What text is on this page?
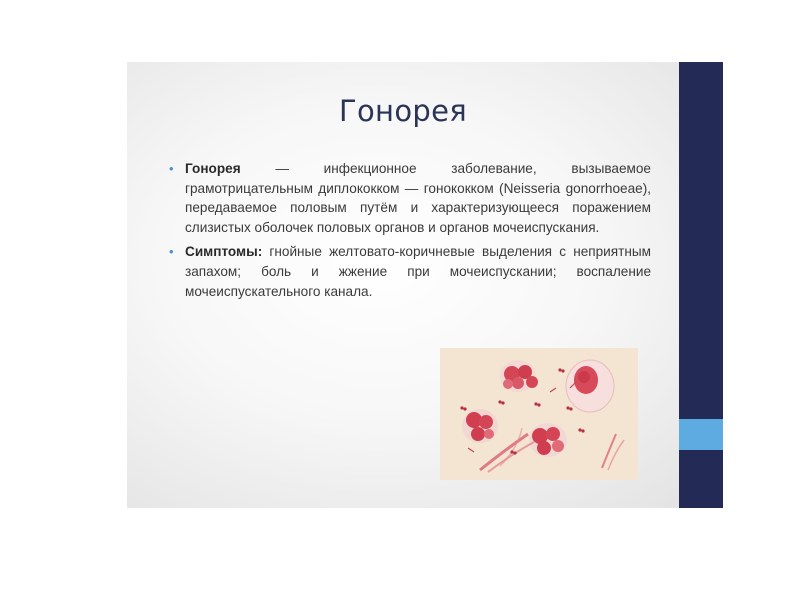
Гонорея
• Гонорея — инфекционное заболевание, вызываемое грамотрицательным диплококком — гонококком (Neisseria gonorrhoeae), передаваемое половым путём и характеризующееся поражением слизистых оболочек половых органов и органов мочеиспускания.
• Симптомы: гнойные желтовато-коричневые выделения с неприятным запахом; боль и жжение при мочеиспускании; воспаление мочеиспускательного канала.
